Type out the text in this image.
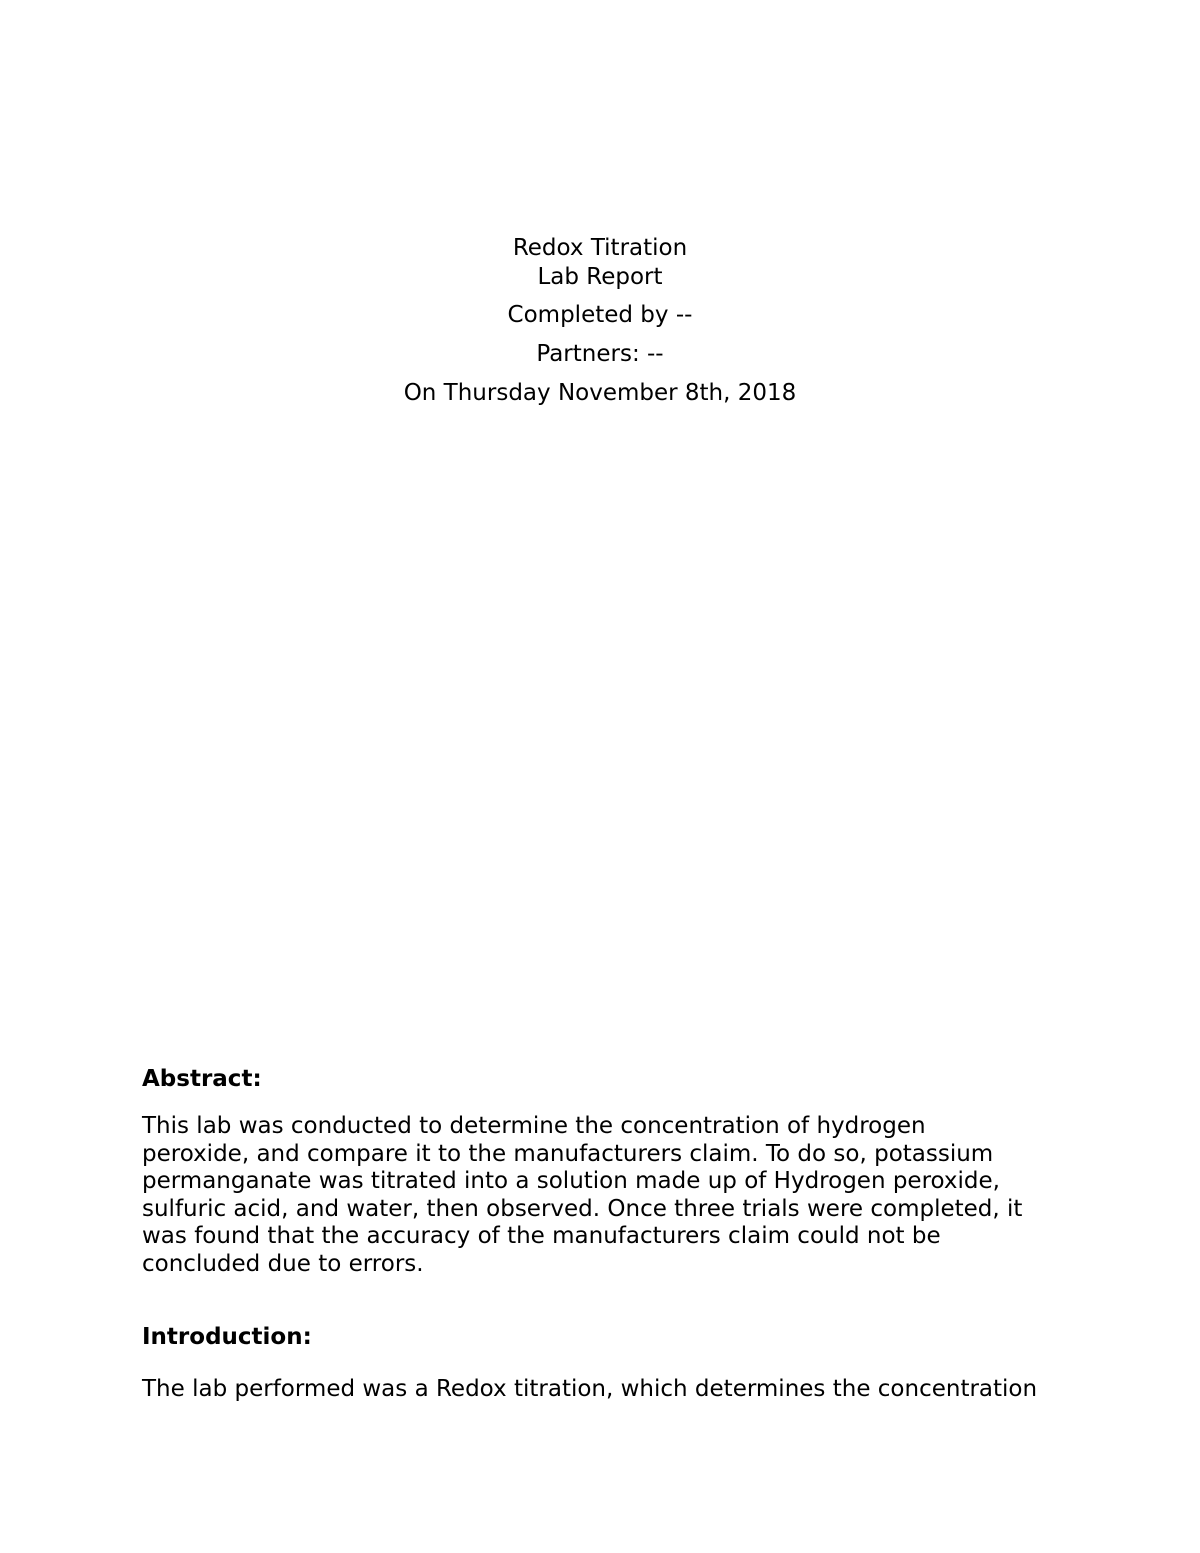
Redox Titration
Lab Report
Completed by --
Partners: --
On Thursday November 8th, 2018
Abstract:
This lab was conducted to determine the concentration of hydrogen
peroxide, and compare it to the manufacturers claim. To do so, potassium
permanganate was titrated into a solution made up of Hydrogen peroxide,
sulfuric acid, and water, then observed. Once three trials were completed, it
was found that the accuracy of the manufacturers claim could not be
concluded due to errors.
Introduction:
The lab performed was a Redox titration, which determines the concentration
